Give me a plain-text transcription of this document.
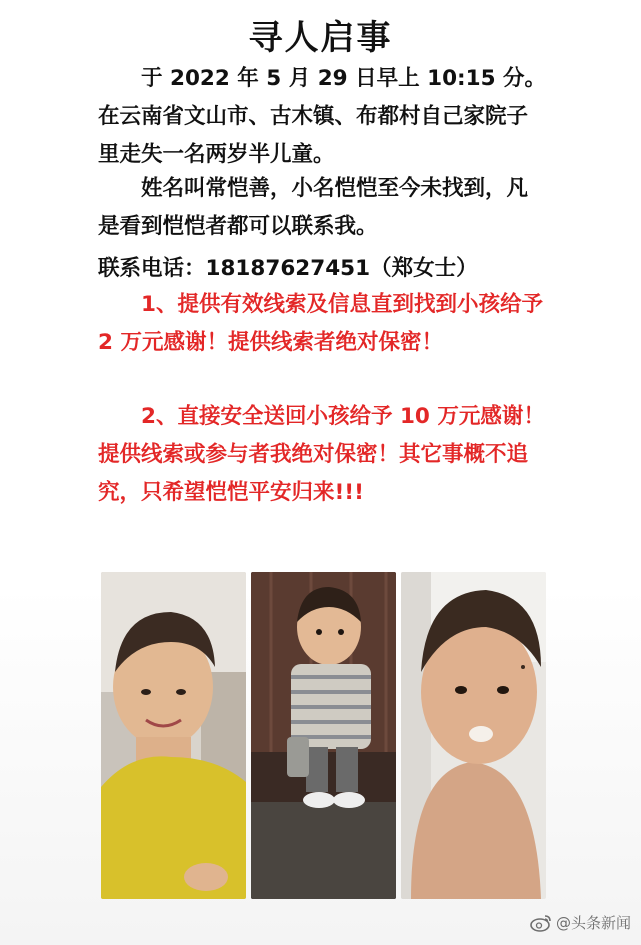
寻人启事
于 2022 年 5 月 29 日早上 10:15 分。在云南省文山市、古木镇、布都村自己家院子里走失一名两岁半儿童。
姓名叫常恺善，小名恺恺至今未找到，凡是看到恺恺者都可以联系我。
联系电话：18187627451（郑女士）
1、提供有效线索及信息直到找到小孩给予 2 万元感谢！提供线索者绝对保密！
2、直接安全送回小孩给予 10 万元感谢！提供线索或参与者我绝对保密！其它事概不追究，只希望恺恺平安归来!!!
@头条新闻
